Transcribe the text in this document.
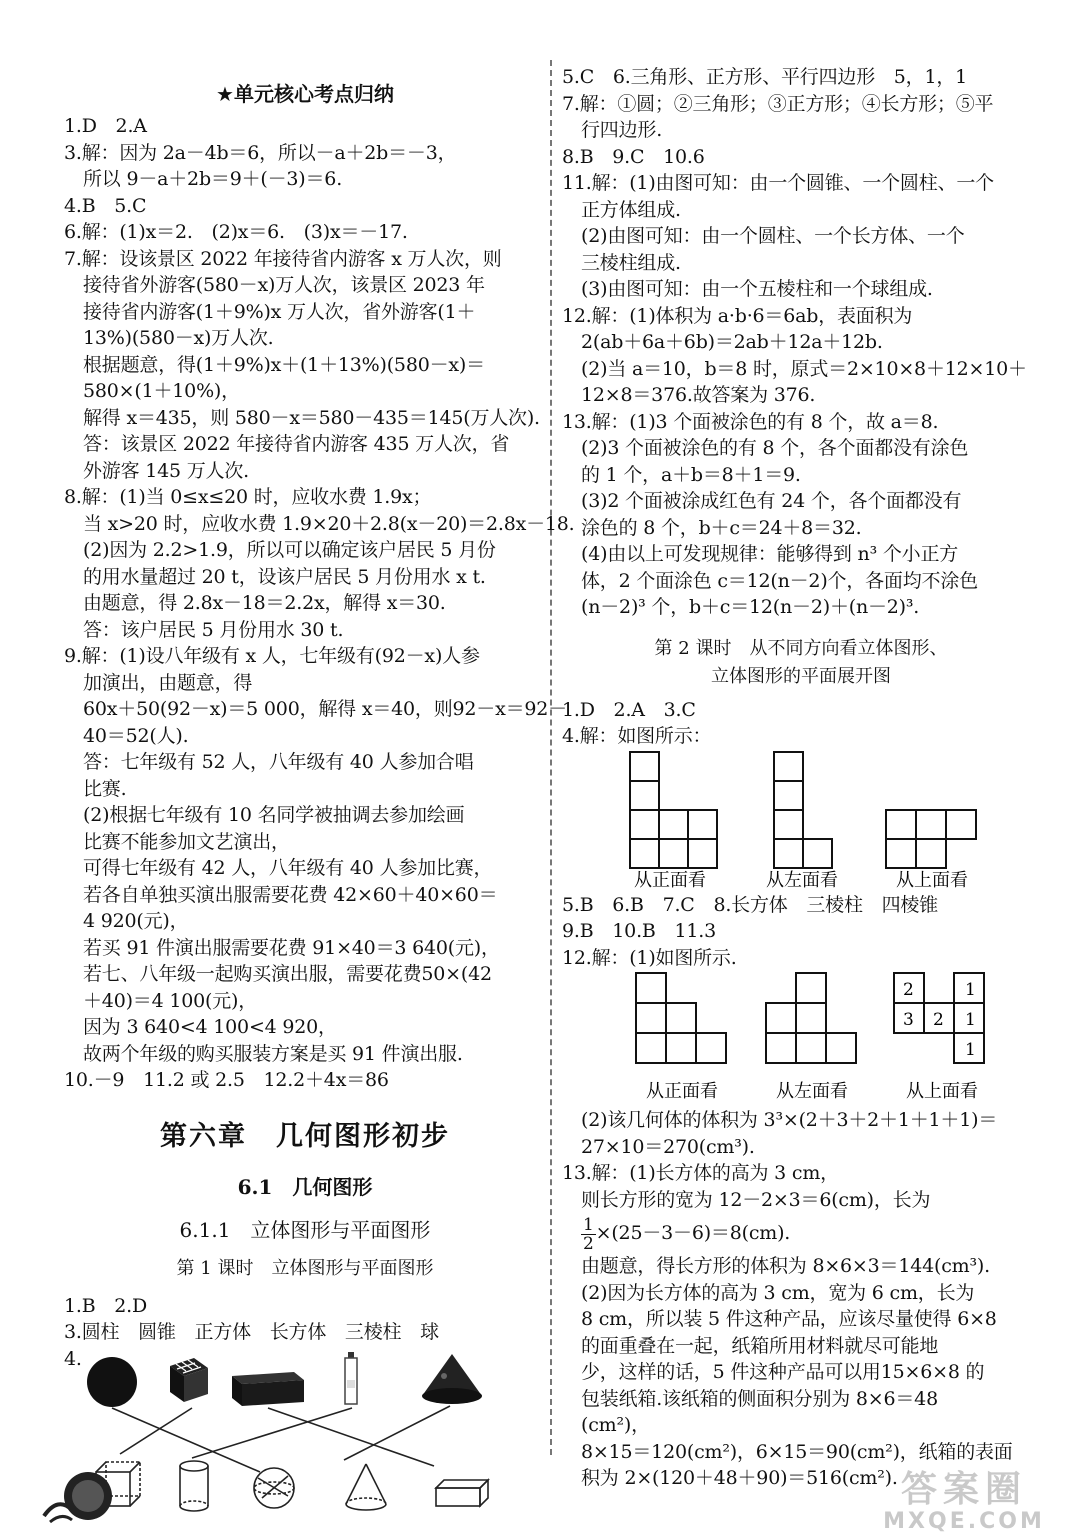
★单元核心考点归纳
1.D　2.A
3.解：因为 2a－4b＝6，所以－a＋2b＝－3，
所以 9－a＋2b＝9＋(－3)＝6.
4.B　5.C
6.解：(1)x＝2.　(2)x＝6.　(3)x＝－17.
7.解：设该景区 2022 年接待省内游客 x 万人次，则
接待省外游客(580－x)万人次，该景区 2023 年
接待省内游客(1＋9%)x 万人次，省外游客(1＋
13%)(580－x)万人次.
根据题意，得(1＋9%)x＋(1＋13%)(580－x)＝
580×(1＋10%)，
解得 x＝435，则 580－x＝580－435＝145(万人次).
答：该景区 2022 年接待省内游客 435 万人次，省
外游客 145 万人次.
8.解：(1)当 0≤x≤20 时，应收水费 1.9x；
当 x>20 时，应收水费 1.9×20＋2.8(x－20)＝2.8x－18.
(2)因为 2.2>1.9，所以可以确定该户居民 5 月份
的用水量超过 20 t，设该户居民 5 月份用水 x t.
由题意，得 2.8x－18＝2.2x，解得 x＝30.
答：该户居民 5 月份用水 30 t.
9.解：(1)设八年级有 x 人，七年级有(92－x)人参
加演出，由题意，得
60x＋50(92－x)＝5 000，解得 x＝40，则92－x＝92－
40＝52(人).
答：七年级有 52 人，八年级有 40 人参加合唱
比赛.
(2)根据七年级有 10 名同学被抽调去参加绘画
比赛不能参加文艺演出，
可得七年级有 42 人，八年级有 40 人参加比赛，
若各自单独买演出服需要花费 42×60＋40×60＝
4 920(元)，
若买 91 件演出服需要花费 91×40＝3 640(元)，
若七、八年级一起购买演出服，需要花费50×(42
＋40)＝4 100(元)，
因为 3 640<4 100<4 920，
故两个年级的购买服装方案是买 91 件演出服.
10.－9　11.2 或 2.5　12.2＋4x＝86
第六章　几何图形初步
6.1　几何图形
6.1.1　立体图形与平面图形
第 1 课时　立体图形与平面图形
1.B　2.D
3.圆柱　圆锥　正方体　长方体　三棱柱　球
4.
5.C　6.三角形、正方形、平行四边形　5，1，1
7.解：①圆；②三角形；③正方形；④长方形；⑤平
行四边形.
8.B　9.C　10.6
11.解：(1)由图可知：由一个圆锥、一个圆柱、一个
正方体组成.
(2)由图可知：由一个圆柱、一个长方体、一个
三棱柱组成.
(3)由图可知：由一个五棱柱和一个球组成.
12.解：(1)体积为 a·b·6＝6ab，表面积为
2(ab＋6a＋6b)＝2ab＋12a＋12b.
(2)当 a＝10，b＝8 时，原式＝2×10×8＋12×10＋
12×8＝376.故答案为 376.
13.解：(1)3 个面被涂色的有 8 个，故 a＝8.
(2)3 个面被涂色的有 8 个，各个面都没有涂色
的 1 个，a＋b＝8＋1＝9.
(3)2 个面被涂成红色有 24 个，各个面都没有
涂色的 8 个，b＋c＝24＋8＝32.
(4)由以上可发现规律：能够得到 n³ 个小正方
体，2 个面涂色 c＝12(n－2)个，各面均不涂色
(n－2)³ 个，b＋c＝12(n－2)＋(n－2)³.
第 2 课时　从不同方向看立体图形、
立体图形的平面展开图
1.D　2.A　3.C
4.解：如图所示：
从正面看	从左面看	从上面看
5.B　6.B　7.C　8.长方体　三棱柱　四棱锥
9.B　10.B　11.3
12.解：(1)如图所示.
2	1
3 2 1
1
从正面看	从左面看	从上面看
(2)该几何体的体积为 3³×(2＋3＋2＋1＋1＋1)＝
27×10＝270(cm³).
13.解：(1)长方体的高为 3 cm，
则长方形的宽为 12－2×3＝6(cm)，长为
$\frac{1}{2} \times(25-3-6)=8(cm)$.
由题意，得长方形的体积为 8×6×3＝144(cm³).
(2)因为长方体的高为 3 cm，宽为 6 cm，长为
8 cm，所以装 5 件这种产品，应该尽量使得 6×8
的面重叠在一起，纸箱所用材料就尽可能地
少，这样的话，5 件这种产品可以用15×6×8 的
包装纸箱.该纸箱的侧面积分别为 8×6＝48
(cm²)，
8×15＝120(cm²)，6×15＝90(cm²)，纸箱的表面
积为 2×(120＋48＋90)＝516(cm²). 答案圈
MXQE.COM
